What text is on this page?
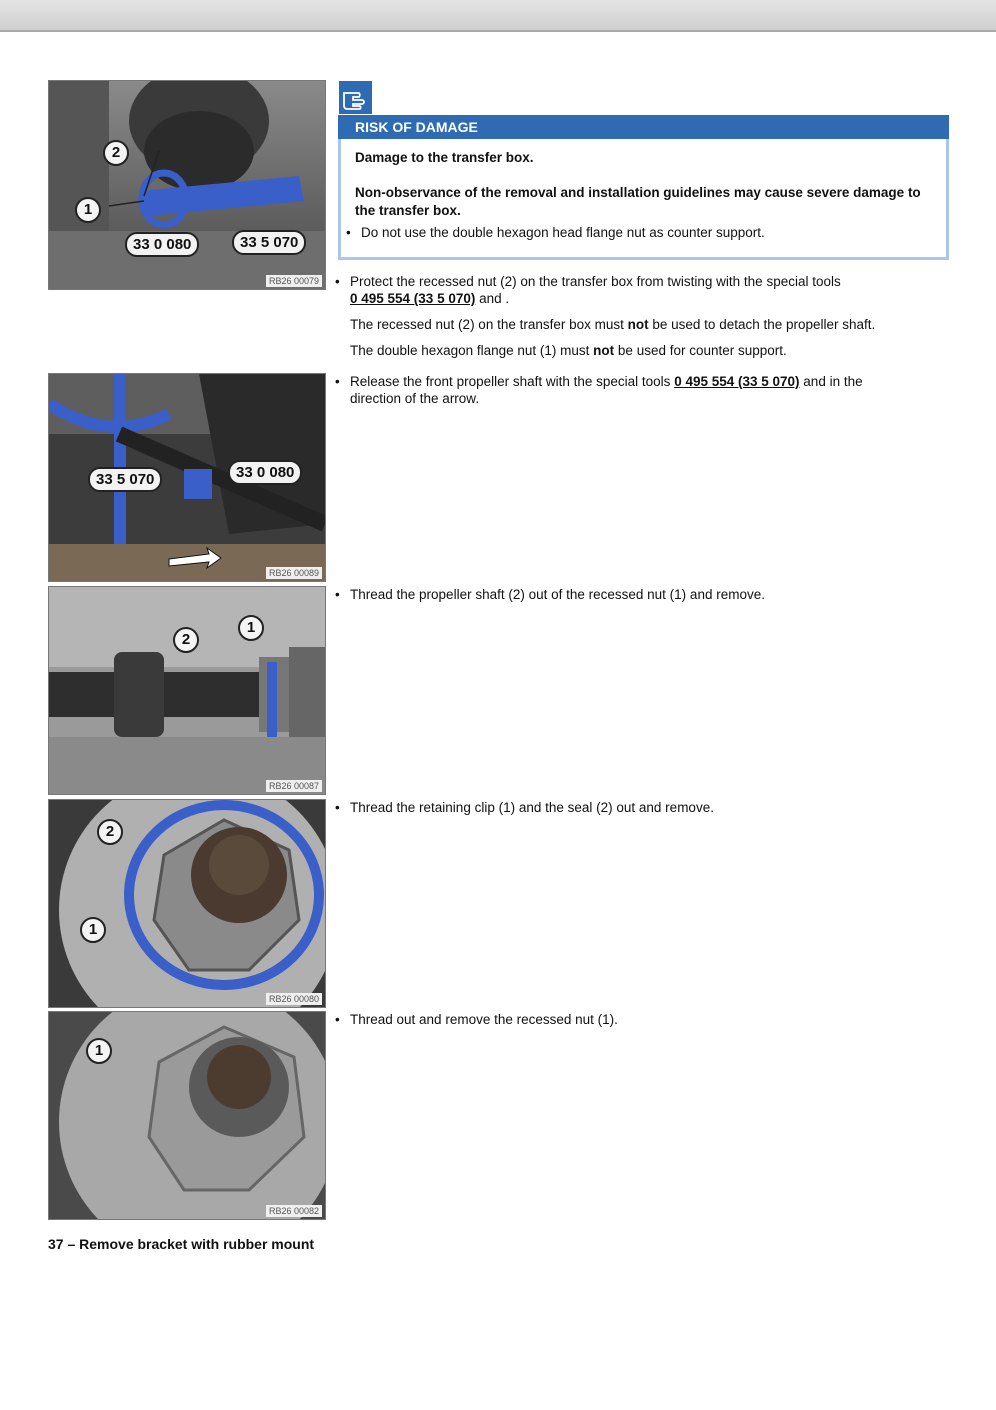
2
1
33 0 080	33 5 070
RB26 00079
33 5 070	33 0 080
RB26 00089
2
1
RB26 00087
2
1
RB26 00080
1
RB26 00082
RISK OF DAMAGE
Damage to the transfer box.
Non-observance of the removal and installation guidelines may cause severe damage to the transfer box.
• Do not use the double hexagon head flange nut as counter support.
• Protect the recessed nut (2) on the transfer box from twisting with the special tools
0 495 554 (33 5 070) and .
The recessed nut (2) on the transfer box must not be used to detach the propeller shaft.
The double hexagon flange nut (1) must not be used for counter support.
• Release the front propeller shaft with the special tools 0 495 554 (33 5 070) and in the direction of the arrow.
• Thread the propeller shaft (2) out of the recessed nut (1) and remove.
• Thread the retaining clip (1) and the seal (2) out and remove.
• Thread out and remove the recessed nut (1).
37 – Remove bracket with rubber mount
